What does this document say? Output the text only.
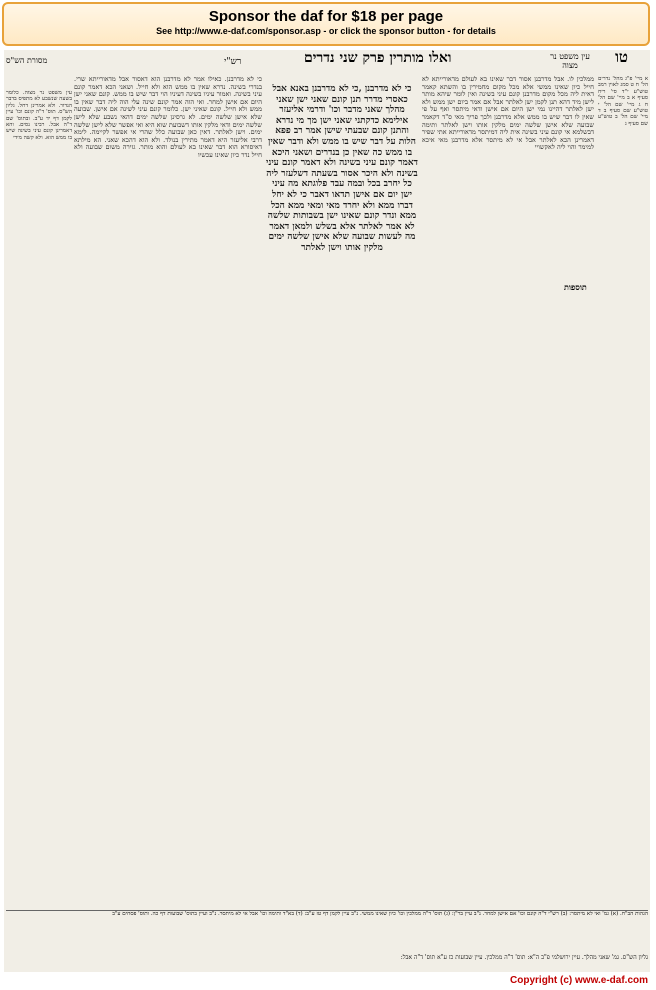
Sponsor the daf for $18 per page
See http://www.e-daf.com/sponsor.asp - or click the sponsor button - for details
מסורת הש"ס	רש"י	ואלו מותרין פרק שני נדרים	טו
עין משפט נר מצוה
א מיי' פ"ג מהל' נדרים הל' ח ט סמג לאוין רמב טוש"ע י"ד סי' ריח סעיף א ב מיי' שם הל' ח ג מיי' שם הל' י טוש"ע שם סעיף ב ד מיי' שם הל' ב טוש"ע שם סעיף ג
ממלכין לו. אבל מדרבנן אסור דבר שאינו בא לעולם מדאורייתא לא חייל כיון שאינו ממשי אלא מכל מקום מחמירין בו והשתא קאמר דאית ליה מכל מקום מדרבנן קונם עיני בשינה ואין לומר שיהא מותר לישן מיד דהא תנן לקמן ישן לאלתר אבל אם אמר ביום ישן ממש ולא ישן לאלתר דהיינו נמי ישן היום אם אישן ודאי מיתסר ואף על פי שאין לו דבר שיש בו ממש אלא מדרבנן ולכך פריך מאי ס"ד דקאמר שבועה שלא אישן שלשה ימים מלקין אותו וישן לאלתר ותימה דבשלמא אי קונם עיני בשינה אית ליה דמיתסר מדאורייתא אתי שפיר דאמרינן הכא לאלתר אבל אי לא מיתסר אלא מדרבנן מאי איכא למימר והוי ליה לאקשויי
כי לא מדרבנן ,כי לא מדרבנן באנא אבל כאסרי מדרר תנן קונם שאני ישן שאני מהלך שאני מדבר וכו' ודרמי אליעזר אילימא כדקתני שאני ישן מך מי נדרא והתנן קונם שבעתי שישן אמר רב פפא הלות על דבר שיש בו ממש ולא ודבר שאין בו ממש כה שאין כן בנדרים ושאני היכא דאמר קונם עיני בשינה ולא דאמר קונם עיני בשינה ולא היכר אסור בשעתה דשלעזר ליה כל יחרב בכל ובמה עבד פלוגתא מה עיני ישן יום אם אישן תדאו דאבר כי לא יחל דברו ממא ולא יחרד מאי ומאי ממא הכל ממא ונדר קונם שאינו ישן בשבותות שלשה לא אמר לאלתר אלא בשלש ולמאן דאמר מה לעשות שבועה שלא אישן שלשה ימים מלקין אותו וישן לאלתר
כי לא מדרבנן. כאילו אמר לא מדרבנן הוא דאסור אבל מדאורייתא שרי. בנדרי בשינה. נדרא שאין בו ממש הוא ולא חייל. ושאני הכא דאמר קונם עיני בשינה. ואמור עיניו בשינה דעיניו הוי דבר שיש בו ממש. קונם שאני ישן היום אם אישן למחר. ואי הוה אמר קונם שינה עלי הוה ליה דבר שאין בו ממש ולא חייל. קונם שאיני ישן. כלומר קונם עיני לשינה אם אישן. שבועה שלא אישן שלשה ימים. לא גרסינן שלשה ימים דהאי נשבע שלא לישן שלשה ימים ודאי מלקין אותו דשבועת שוא היא ואי אפשר שלא לישן שלשה ימים. וישן לאלתר. דאין כאן שבועה כלל שהרי אי אפשר לקיימה. לימא דרבי אליעזר היא דאמר מתירין בנולד. ולא הוא דהכא שאני. הא מילתא דאיסורא הוא דבר שאינו בא לעולם והוא מותר. גזירה משום שבועה ולא חייל נדר כיון שאינו עכשיו
עין משפט נר מצוה. כלומר בשעה שנשבע לא מתפיס בדבר הנדור. ולא אמרינן דחל. גליון הש"ס. תוס' ד"ה קונם וכו' עיין לקמן דף יד ע"ב. ובתוס' שם ד"ה אבל. רבינו נסים. והא דאמרינן קונם עיני בשינה שיש בו ממש הוא. ולא קשה מידי
תוספות
הגהות הב"ח. (א) גמ' ואי לא מיתסר: (ב) רש"י ד"ה קונם וכו' אם אישן למחר. נ"ב עיין בר"ן: (ג) תוס' ד"ה ממלכין וכו' כיון שאינו ממשי. נ"ב עיין לקמן דף טז ע"ב: (ד) בא"ד ותימה וכו' אבל אי לא מיתסר. נ"ב ועיין בתוס' שבועות דף כה. ותוס' פסחים ע"ב
גליון הש"ס. גמ' שאני מהלך. עיין ירושלמי פ"ב ה"א: תוס' ד"ה ממלכין. עיין שבועות כז ע"א תוס' ד"ה אבל:
Copyright (c) www.e-daf.com
